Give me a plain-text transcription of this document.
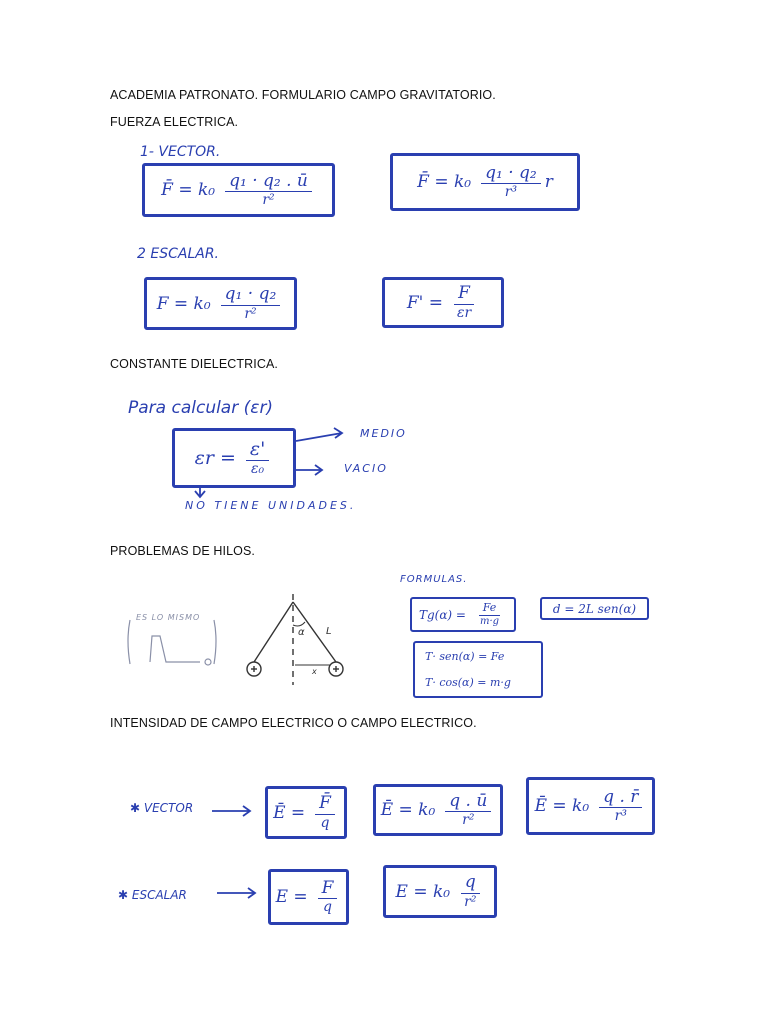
ACADEMIA PATRONATO. FORMULARIO CAMPO GRAVITATORIO.
FUERZA ELECTRICA.
CONSTANTE DIELECTRICA.
PROBLEMAS DE HILOS.
INTENSIDAD DE CAMPO ELECTRICO O CAMPO ELECTRICO.
1- VECTOR.
F̄ = $k_0 \frac{\text{q₁ · q₂ . ū}}{\text{r²}}$	F̄ = $k_0 \frac{\text{q₁ · q₂}}{\text{r³}}$ r
2 ESCALAR.
$F = k_0 \frac{\text{q₁ · q₂}}{\text{r²}}$	$F' = \frac{F}{\varepsilon r}$
Para calcular (εr)
$\varepsilon r = \frac{\varepsilon'}{\text{ε₀}}$
MEDIO
VACIO
NO TIENE UNIDADES.
ES LO MISMO
α L
x
FORMULAS.
$Tg(\alpha) = \frac{Fe}{m\cdot g}$	d = 2L sen(α)
T· sen(α) = Fe
T· cos(α) = m·g
✱ VECTOR
✱ ESCALAR
Ē = $\frac{F̄}{q}$	Ē = $k_0 \frac{q . ū}{\text{r²}}$	Ē = $k_0 \frac{q . r̄}{\text{r³}}$
$E = \frac{F}{q}$	$E = k_0 \frac{q}{\text{r²}}$
